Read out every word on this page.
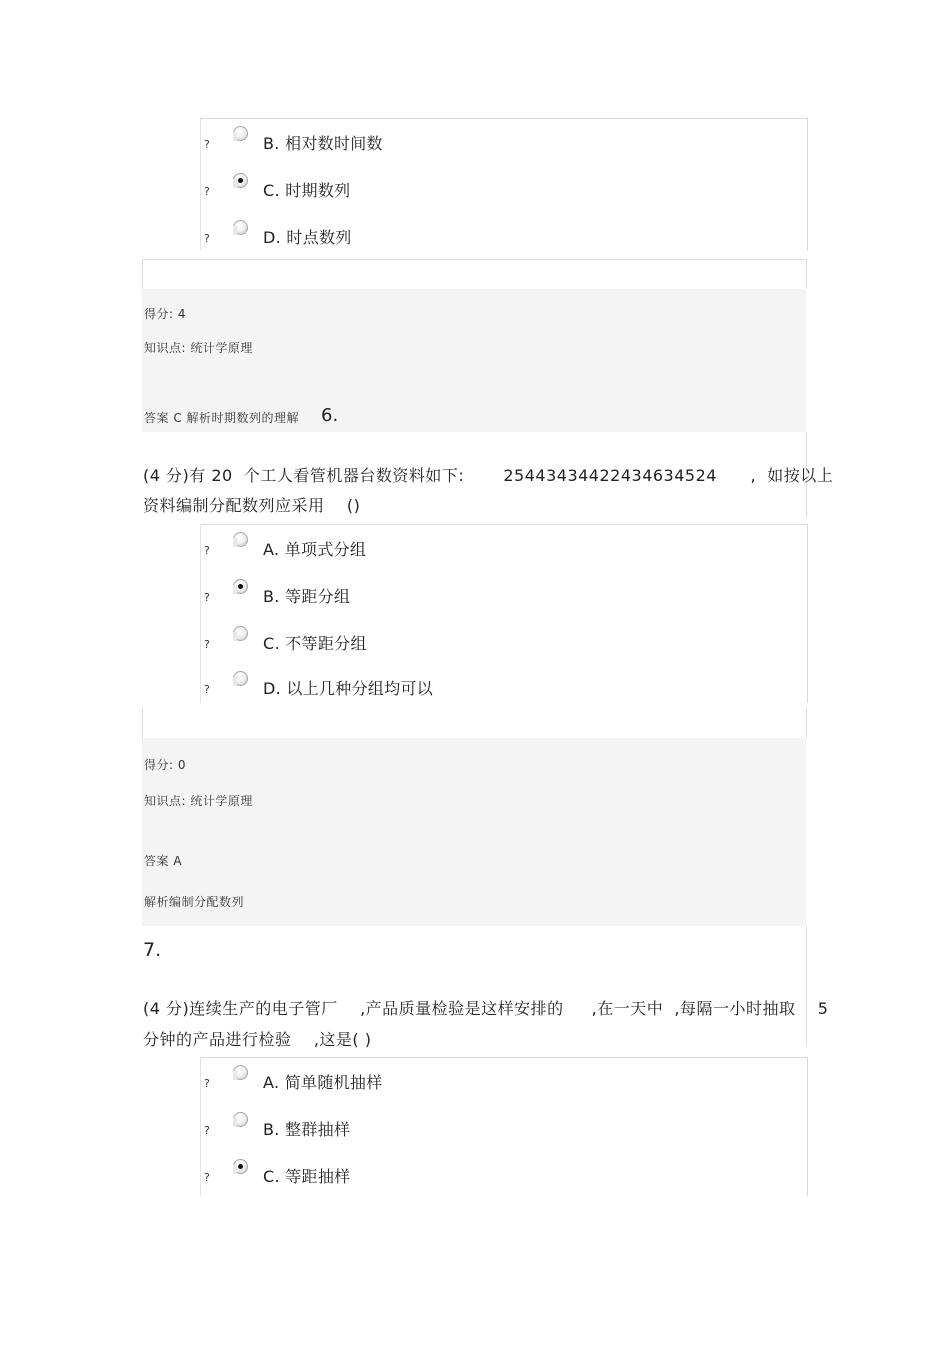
?	B. 相对数时间数
?	C. 时期数列
?	D. 时点数列
得分: 4
知识点: 统计学原理
答案 C 解析时期数列的理解 6.
(4 分)有 20  个工人看管机器台数资料如下:       25443434422434634524      ,  如按以上
资料编制分配数列应采用    ()
?	A. 单项式分组
?	B. 等距分组
?	C. 不等距分组
?	D. 以上几种分组均可以
得分: 0
知识点: 统计学原理
答案 A
解析编制分配数列
7.
(4 分)连续生产的电子管厂    ,产品质量检验是这样安排的     ,在一天中  ,每隔一小时抽取    5
分钟的产品进行检验    ,这是( )
?	A. 简单随机抽样
?	B. 整群抽样
?	C. 等距抽样
